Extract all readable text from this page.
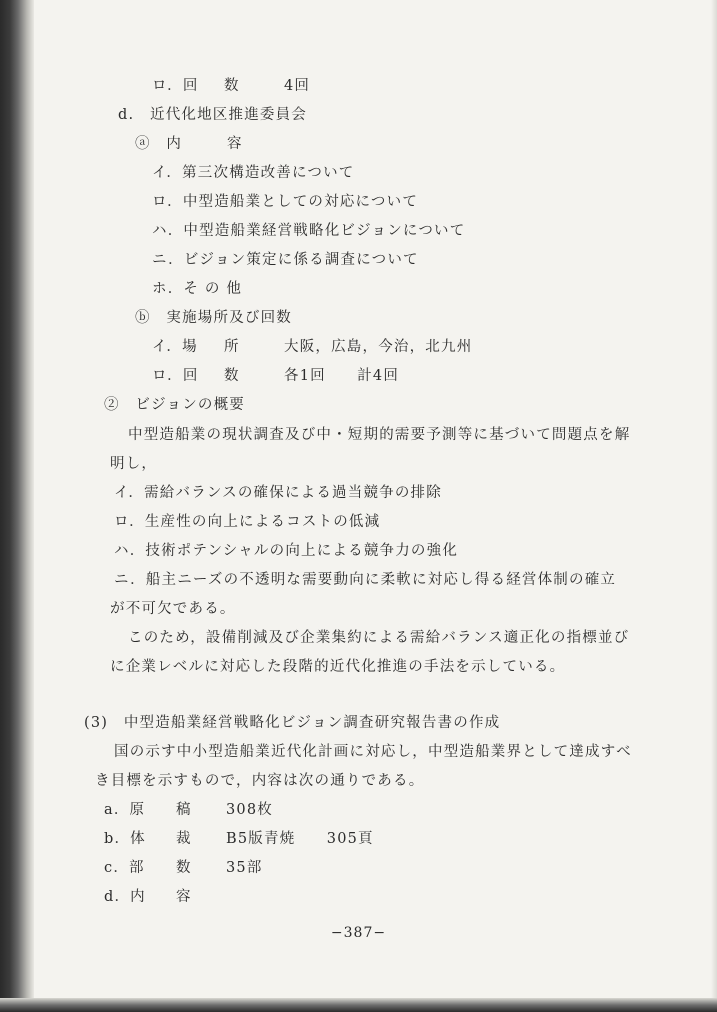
ロ．回 数	4回
d.　近代化地区推進委員会
ⓐ　内	容
イ．第三次構造改善について
ロ．中型造船業としての対応について
ハ．中型造船業経営戦略化ビジョンについて
ニ．ビジョン策定に係る調査について
ホ．そ の 他
ⓑ　実施場所及び回数
イ．場 所	大阪，広島，今治，北九州
ロ．回 数	各1回　　計4回
②　ビジョンの概要
中型造船業の現状調査及び中・短期的需要予測等に基づいて問題点を解
明し，
イ．需給バランスの確保による過当競争の排除
ロ．生産性の向上によるコストの低減
ハ．技術ポテンシャルの向上による競争力の強化
ニ．船主ニーズの不透明な需要動向に柔軟に対応し得る経営体制の確立
が不可欠である。
このため，設備削減及び企業集約による需給バランス適正化の指標並び
に企業レベルに対応した段階的近代化推進の手法を示している。
(3)　中型造船業経営戦略化ビジョン調査研究報告書の作成
国の示す中小型造船業近代化計画に対応し，中型造船業界として達成すべ
き目標を示すもので，内容は次の通りである。
a．原 稿 308枚
b．体 裁 B5版青焼　　305頁
c．部 数 35部
d．内 容
−387−
